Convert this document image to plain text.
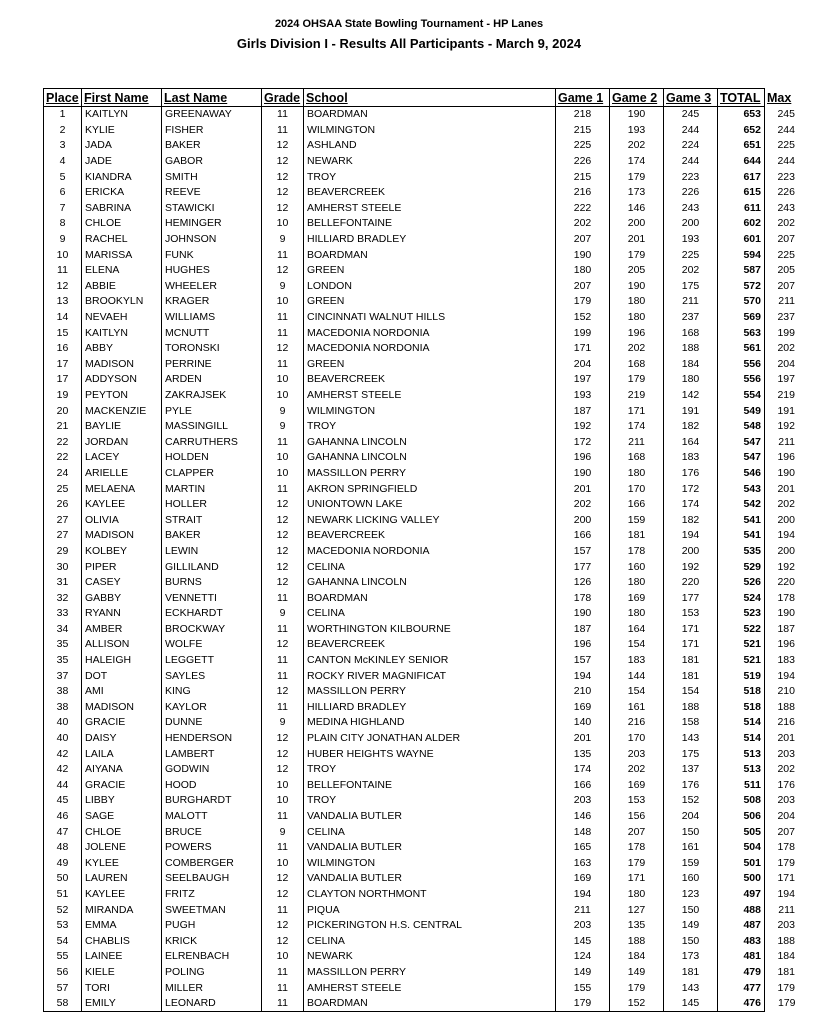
2024 OHSAA State Bowling Tournament - HP Lanes
Girls Division I - Results All Participants - March 9, 2024
Place	First Name	Last Name	Grade	School	Game 1	Game 2	Game 3	TOTAL	Max
1	KAITLYN	GREENAWAY	11	BOARDMAN	218	190	245	653	245
2	KYLIE	FISHER	11	WILMINGTON	215	193	244	652	244
3	JADA	BAKER	12	ASHLAND	225	202	224	651	225
4	JADE	GABOR	12	NEWARK	226	174	244	644	244
5	KIANDRA	SMITH	12	TROY	215	179	223	617	223
6	ERICKA	REEVE	12	BEAVERCREEK	216	173	226	615	226
7	SABRINA	STAWICKI	12	AMHERST STEELE	222	146	243	611	243
8	CHLOE	HEMINGER	10	BELLEFONTAINE	202	200	200	602	202
9	RACHEL	JOHNSON	9	HILLIARD BRADLEY	207	201	193	601	207
10	MARISSA	FUNK	11	BOARDMAN	190	179	225	594	225
11	ELENA	HUGHES	12	GREEN	180	205	202	587	205
12	ABBIE	WHEELER	9	LONDON	207	190	175	572	207
13	BROOKYLN	KRAGER	10	GREEN	179	180	211	570	211
14	NEVAEH	WILLIAMS	11	CINCINNATI WALNUT HILLS	152	180	237	569	237
15	KAITLYN	MCNUTT	11	MACEDONIA NORDONIA	199	196	168	563	199
16	ABBY	TORONSKI	12	MACEDONIA NORDONIA	171	202	188	561	202
17	MADISON	PERRINE	11	GREEN	204	168	184	556	204
17	ADDYSON	ARDEN	10	BEAVERCREEK	197	179	180	556	197
19	PEYTON	ZAKRAJSEK	10	AMHERST STEELE	193	219	142	554	219
20	MACKENZIE	PYLE	9	WILMINGTON	187	171	191	549	191
21	BAYLIE	MASSINGILL	9	TROY	192	174	182	548	192
22	JORDAN	CARRUTHERS	11	GAHANNA LINCOLN	172	211	164	547	211
22	LACEY	HOLDEN	10	GAHANNA LINCOLN	196	168	183	547	196
24	ARIELLE	CLAPPER	10	MASSILLON PERRY	190	180	176	546	190
25	MELAENA	MARTIN	11	AKRON SPRINGFIELD	201	170	172	543	201
26	KAYLEE	HOLLER	12	UNIONTOWN LAKE	202	166	174	542	202
27	OLIVIA	STRAIT	12	NEWARK LICKING VALLEY	200	159	182	541	200
27	MADISON	BAKER	12	BEAVERCREEK	166	181	194	541	194
29	KOLBEY	LEWIN	12	MACEDONIA NORDONIA	157	178	200	535	200
30	PIPER	GILLILAND	12	CELINA	177	160	192	529	192
31	CASEY	BURNS	12	GAHANNA LINCOLN	126	180	220	526	220
32	GABBY	VENNETTI	11	BOARDMAN	178	169	177	524	178
33	RYANN	ECKHARDT	9	CELINA	190	180	153	523	190
34	AMBER	BROCKWAY	11	WORTHINGTON KILBOURNE	187	164	171	522	187
35	ALLISON	WOLFE	12	BEAVERCREEK	196	154	171	521	196
35	HALEIGH	LEGGETT	11	CANTON McKINLEY SENIOR	157	183	181	521	183
37	DOT	SAYLES	11	ROCKY RIVER MAGNIFICAT	194	144	181	519	194
38	AMI	KING	12	MASSILLON PERRY	210	154	154	518	210
38	MADISON	KAYLOR	11	HILLIARD BRADLEY	169	161	188	518	188
40	GRACIE	DUNNE	9	MEDINA HIGHLAND	140	216	158	514	216
40	DAISY	HENDERSON	12	PLAIN CITY JONATHAN ALDER	201	170	143	514	201
42	LAILA	LAMBERT	12	HUBER HEIGHTS WAYNE	135	203	175	513	203
42	AIYANA	GODWIN	12	TROY	174	202	137	513	202
44	GRACIE	HOOD	10	BELLEFONTAINE	166	169	176	511	176
45	LIBBY	BURGHARDT	10	TROY	203	153	152	508	203
46	SAGE	MALOTT	11	VANDALIA BUTLER	146	156	204	506	204
47	CHLOE	BRUCE	9	CELINA	148	207	150	505	207
48	JOLENE	POWERS	11	VANDALIA BUTLER	165	178	161	504	178
49	KYLEE	COMBERGER	10	WILMINGTON	163	179	159	501	179
50	LAUREN	SEELBAUGH	12	VANDALIA BUTLER	169	171	160	500	171
51	KAYLEE	FRITZ	12	CLAYTON NORTHMONT	194	180	123	497	194
52	MIRANDA	SWEETMAN	11	PIQUA	211	127	150	488	211
53	EMMA	PUGH	12	PICKERINGTON H.S. CENTRAL	203	135	149	487	203
54	CHABLIS	KRICK	12	CELINA	145	188	150	483	188
55	LAINEE	ELRENBACH	10	NEWARK	124	184	173	481	184
56	KIELE	POLING	11	MASSILLON PERRY	149	149	181	479	181
57	TORI	MILLER	11	AMHERST STEELE	155	179	143	477	179
58	EMILY	LEONARD	11	BOARDMAN	179	152	145	476	179
